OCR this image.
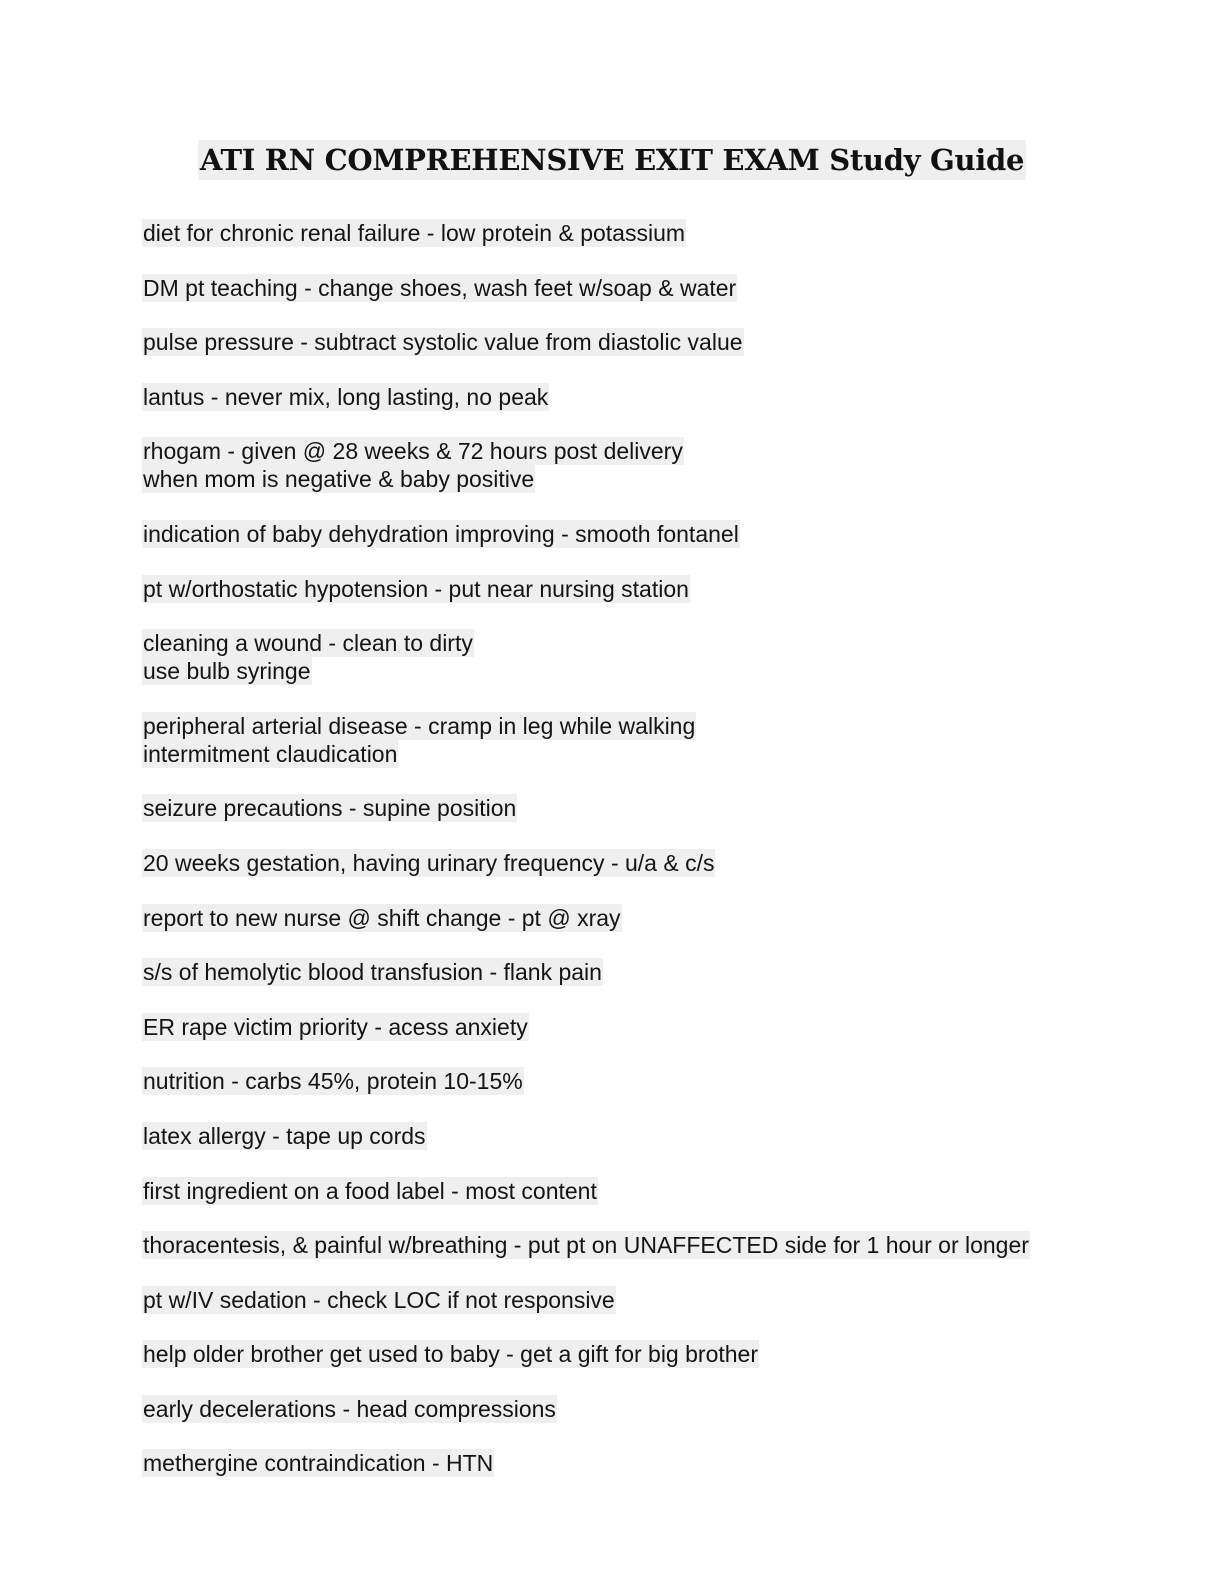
ATI RN COMPREHENSIVE EXIT EXAM Study Guide
diet for chronic renal failure - low protein & potassium
DM pt teaching - change shoes, wash feet w/soap & water
pulse pressure - subtract systolic value from diastolic value
lantus - never mix, long lasting, no peak
rhogam - given @ 28 weeks & 72 hours post delivery
when mom is negative & baby positive
indication of baby dehydration improving - smooth fontanel
pt w/orthostatic hypotension - put near nursing station
cleaning a wound - clean to dirty
use bulb syringe
peripheral arterial disease - cramp in leg while walking
intermitment claudication
seizure precautions - supine position
20 weeks gestation, having urinary frequency - u/a & c/s
report to new nurse @ shift change - pt @ xray
s/s of hemolytic blood transfusion - flank pain
ER rape victim priority - acess anxiety
nutrition - carbs 45%, protein 10-15%
latex allergy - tape up cords
first ingredient on a food label - most content
thoracentesis, & painful w/breathing - put pt on UNAFFECTED side for 1 hour or longer
pt w/IV sedation - check LOC if not responsive
help older brother get used to baby - get a gift for big brother
early decelerations - head compressions
methergine contraindication - HTN
